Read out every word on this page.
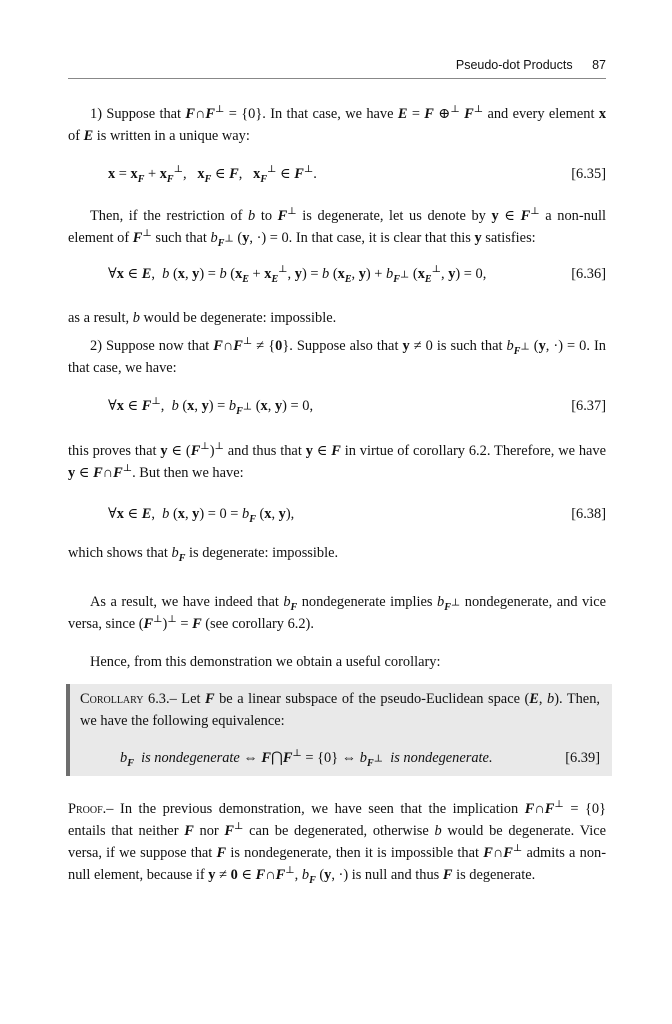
Pseudo-dot Products 87

1) Suppose that F∩F⊥ = {0}. In that case, we have E = F ⊕⊥ F⊥ and every element x of E is written in a unique way:

$x = x_F + x_F^\perp$,   $x_F$ ∈ F,   $x_F^\perp$ ∈ F⊥.	[6.35]

Then, if the restriction of b to F⊥ is degenerate, let us denote by y ∈ F⊥ a non-null element of F⊥ such that $b_{F^\perp}$ (y, ·) = 0. In that case, it is clear that this y satisfies:

∀x ∈ E,  b (x, y) = b ($x_E + x_E^\perp$, y) = b ($x_E$, $y) + b_{F^\perp}$ ($x_E^\perp$, y) = 0,	[6.36]

as a result, b would be degenerate: impossible.

2) Suppose now that F∩F⊥ ≠ {0}. Suppose also that y ≠ 0 is such that $b_{F^\perp}$ (y, ·) = 0. In that case, we have:

∀x ∈ F⊥,  b (x, $y) = b_{F^\perp}$ (x, y) = 0,	[6.37]

this proves that y ∈ (F⊥)⊥ and thus that y ∈ F in virtue of corollary 6.2. Therefore, we have y ∈ F∩F⊥. But then we have:

∀x ∈ E,  b (x, $y) = 0 = b_F$ (x, y),	[6.38]

which shows that $b_F$ is degenerate: impossible.

As a result, we have indeed that $b_F$ nondegenerate implies $b_{F^\perp}$ nondegenerate, and vice versa, since (F⊥)⊥ = F (see corollary 6.2).

Hence, from this demonstration we obtain a useful corollary:

Corollary 6.3.– Let F be a linear subspace of the pseudo-Euclidean space (E, b). Then, we have the following equivalence:

$b_F$ is nondegenerate ⇔ F⋂F⊥ = {0} ⇔ $b_{F^\perp}$ is nondegenerate.	[6.39]

Proof.– In the previous demonstration, we have seen that the implication F∩F⊥ = {0} entails that neither F nor F⊥ can be degenerated, otherwise b would be degenerate. Vice versa, if we suppose that F is nondegenerate, then it is impossible that F∩F⊥ admits a non-null element, because if y ≠ 0 ∈ F∩F⊥, $b_F$ (y, ·) is null and thus F is degenerate.
